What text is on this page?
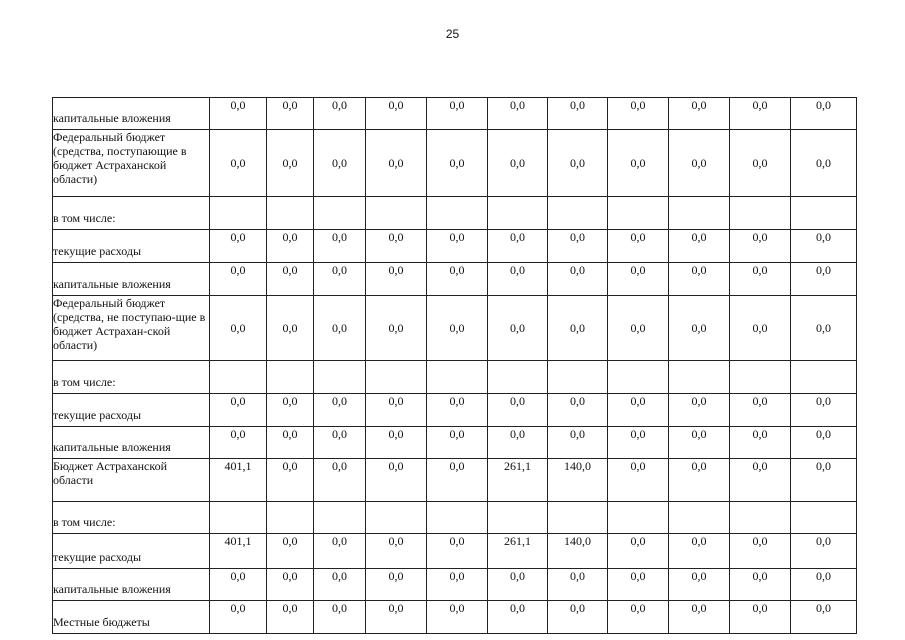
25
капитальные вложения	0,0	0,0	0,0	0,0	0,0	0,0	0,0	0,0	0,0	0,0	0,0
Федеральный бюджет (средства, поступающие в бюджет Астраханской области)	0,0	0,0	0,0	0,0	0,0	0,0	0,0	0,0	0,0	0,0	0,0
в том числе:											
текущие расходы	0,0	0,0	0,0	0,0	0,0	0,0	0,0	0,0	0,0	0,0	0,0
капитальные вложения	0,0	0,0	0,0	0,0	0,0	0,0	0,0	0,0	0,0	0,0	0,0
Федеральный бюджет (средства, не поступаю-щие в бюджет Астрахан-ской области)	0,0	0,0	0,0	0,0	0,0	0,0	0,0	0,0	0,0	0,0	0,0
в том числе:											
текущие расходы	0,0	0,0	0,0	0,0	0,0	0,0	0,0	0,0	0,0	0,0	0,0
капитальные вложения	0,0	0,0	0,0	0,0	0,0	0,0	0,0	0,0	0,0	0,0	0,0
Бюджет Астраханской области	401,1	0,0	0,0	0,0	0,0	261,1	140,0	0,0	0,0	0,0	0,0
в том числе:											
текущие расходы	401,1	0,0	0,0	0,0	0,0	261,1	140,0	0,0	0,0	0,0	0,0
капитальные вложения	0,0	0,0	0,0	0,0	0,0	0,0	0,0	0,0	0,0	0,0	0,0
Местные бюджеты	0,0	0,0	0,0	0,0	0,0	0,0	0,0	0,0	0,0	0,0	0,0
